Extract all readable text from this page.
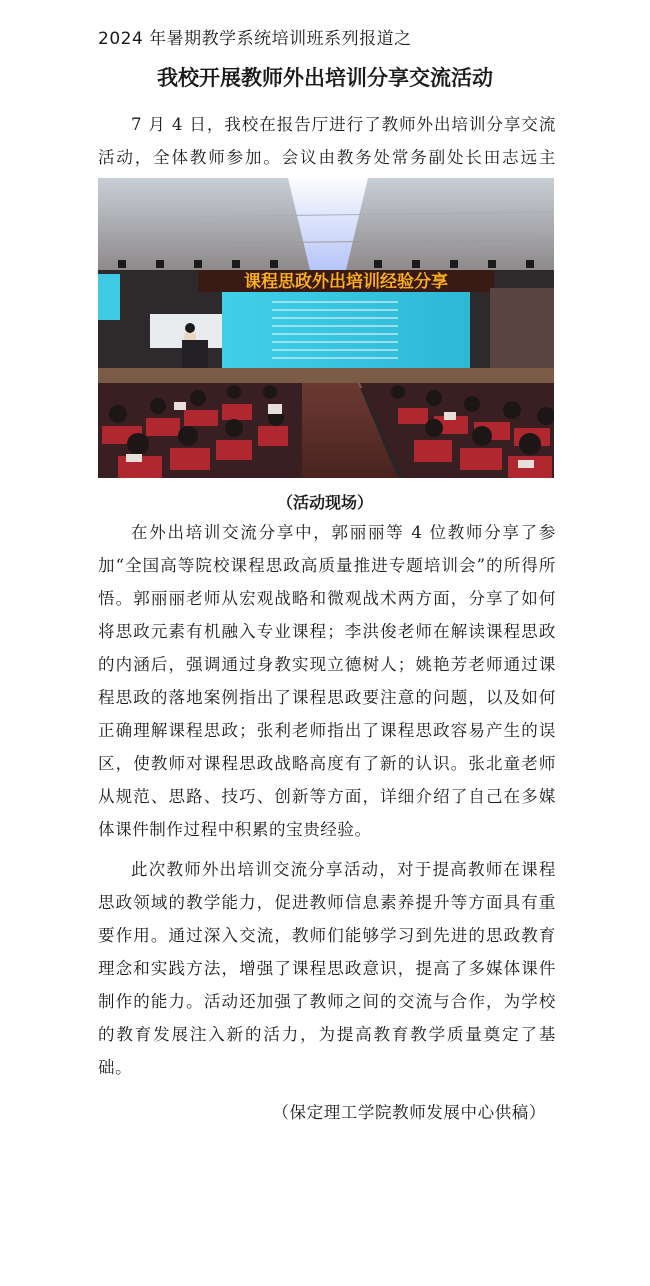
2024 年暑期教学系统培训班系列报道之
我校开展教师外出培训分享交流活动

7 月 4 日，我校在报告厅进行了教师外出培训分享交流活动，全体教师参加。会议由教务处常务副处长田志远主

课程思政外出培训经验分享
（活动现场）

在外出培训交流分享中，郭丽丽等 4 位教师分享了参加“全国高等院校课程思政高质量推进专题培训会”的所得所悟。郭丽丽老师从宏观战略和微观战术两方面，分享了如何将思政元素有机融入专业课程；李洪俊老师在解读课程思政的内涵后，强调通过身教实现立德树人；姚艳芳老师通过课程思政的落地案例指出了课程思政要注意的问题，以及如何正确理解课程思政；张利老师指出了课程思政容易产生的误区，使教师对课程思政战略高度有了新的认识。张北童老师从规范、思路、技巧、创新等方面，详细介绍了自己在多媒体课件制作过程中积累的宝贵经验。

此次教师外出培训交流分享活动，对于提高教师在课程思政领域的教学能力，促进教师信息素养提升等方面具有重要作用。通过深入交流，教师们能够学习到先进的思政教育理念和实践方法，增强了课程思政意识，提高了多媒体课件制作的能力。活动还加强了教师之间的交流与合作，为学校的教育发展注入新的活力，为提高教育教学质量奠定了基础。

（保定理工学院教师发展中心供稿）
